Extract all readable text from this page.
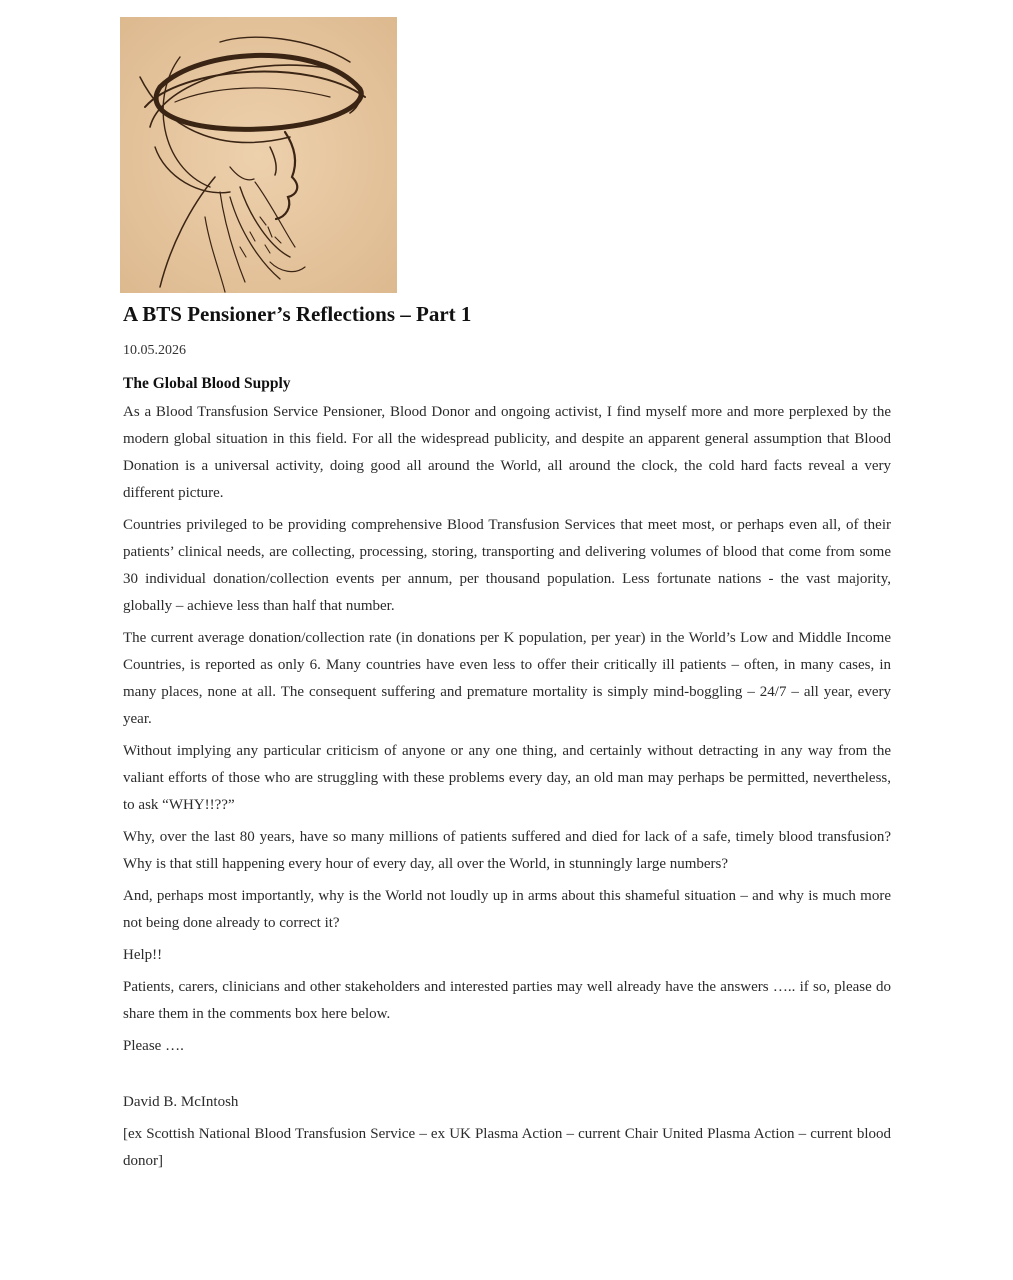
A BTS Pensioner’s Reflections – Part 1
10.05.2026
The Global Blood Supply

As a Blood Transfusion Service Pensioner, Blood Donor and ongoing activist, I find myself more and more perplexed by the modern global situation in this field. For all the widespread publicity, and despite an apparent general assumption that Blood Donation is a universal activity, doing good all around the World, all around the clock, the cold hard facts reveal a very different picture.

Countries privileged to be providing comprehensive Blood Transfusion Services that meet most, or perhaps even all, of their patients’ clinical needs, are collecting, processing, storing, transporting and delivering volumes of blood that come from some 30 individual donation/collection events per annum, per thousand population. Less fortunate nations - the vast majority, globally – achieve less than half that number.

The current average donation/collection rate (in donations per K population, per year) in the World’s Low and Middle Income Countries, is reported as only 6. Many countries have even less to offer their critically ill patients – often, in many cases, in many places, none at all. The consequent suffering and premature mortality is simply mind-boggling – 24/7 – all year, every year.

Without implying any particular criticism of anyone or any one thing, and certainly without detracting in any way from the valiant efforts of those who are struggling with these problems every day, an old man may perhaps be permitted, nevertheless, to ask “WHY!!??”

Why, over the last 80 years, have so many millions of patients suffered and died for lack of a safe, timely blood transfusion? Why is that still happening every hour of every day, all over the World, in stunningly large numbers?

And, perhaps most importantly, why is the World not loudly up in arms about this shameful situation – and why is much more not being done already to correct it?

Help!!

Patients, carers, clinicians and other stakeholders and interested parties may well already have the answers ….. if so, please do share them in the comments box here below.

Please ….

David B. McIntosh
[ex Scottish National Blood Transfusion Service – ex UK Plasma Action – current Chair United Plasma Action – current blood donor]
